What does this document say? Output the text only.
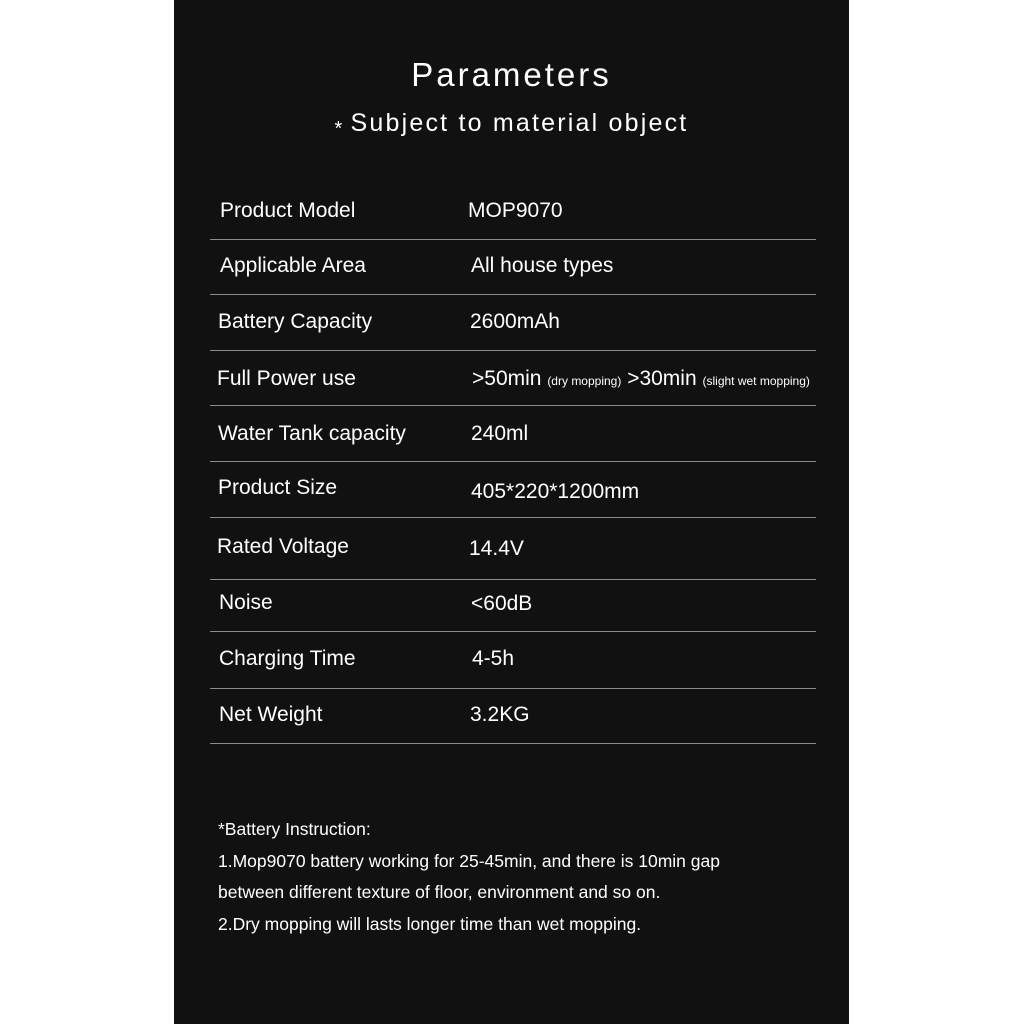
Parameters
* Subject to material object
Product Model	MOP9070
Applicable Area	All house types
Battery Capacity	2600mAh
Full Power use	>50min (dry mopping) >30min (slight wet mopping)
Water Tank capacity	240ml
Product Size	405*220*1200mm
Rated Voltage	14.4V
Noise	<60dB
Charging Time	4-5h
Net Weight	3.2KG
*Battery Instruction:
1.Mop9070 battery working for 25-45min, and there is 10min gap
between different texture of floor, environment and so on.
2.Dry mopping will lasts longer time than wet mopping.
